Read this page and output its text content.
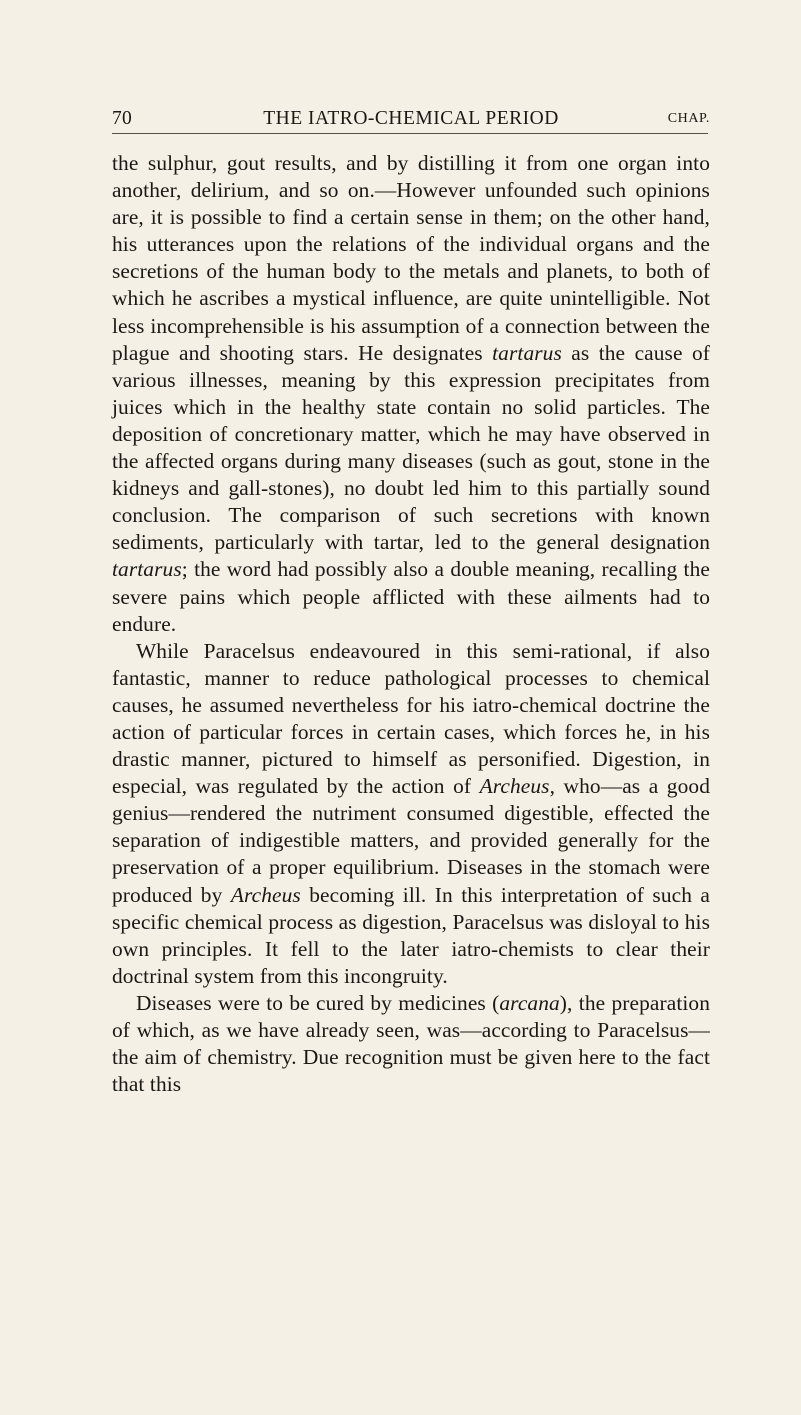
70	THE IATRO-CHEMICAL PERIOD	CHAP.

the sulphur, gout results, and by distilling it from one organ into another, delirium, and so on.—However unfounded such opinions are, it is possible to find a certain sense in them; on the other hand, his utterances upon the relations of the individual organs and the secretions of the human body to the metals and planets, to both of which he ascribes a mystical influence, are quite unintelligible. Not less incomprehensible is his assumption of a connection between the plague and shooting stars. He designates tartarus as the cause of various illnesses, meaning by this expression precipitates from juices which in the healthy state contain no solid particles. The deposition of concretionary matter, which he may have observed in the affected organs during many diseases (such as gout, stone in the kidneys and gall-stones), no doubt led him to this partially sound conclusion. The comparison of such secretions with known sediments, particularly with tartar, led to the general designation tartarus; the word had possibly also a double meaning, recalling the severe pains which people afflicted with these ailments had to endure.

While Paracelsus endeavoured in this semi-rational, if also fantastic, manner to reduce pathological processes to chemical causes, he assumed nevertheless for his iatro-chemical doctrine the action of particular forces in certain cases, which forces he, in his drastic manner, pictured to himself as personified. Digestion, in especial, was regulated by the action of Archeus, who—as a good genius—rendered the nutriment consumed digestible, effected the separation of indigestible matters, and provided generally for the preservation of a proper equilibrium. Diseases in the stomach were produced by Archeus becoming ill. In this interpretation of such a specific chemical process as digestion, Paracelsus was disloyal to his own principles. It fell to the later iatro-chemists to clear their doctrinal system from this incongruity.

Diseases were to be cured by medicines (arcana), the preparation of which, as we have already seen, was—according to Paracelsus—the aim of chemistry. Due recognition must be given here to the fact that this
